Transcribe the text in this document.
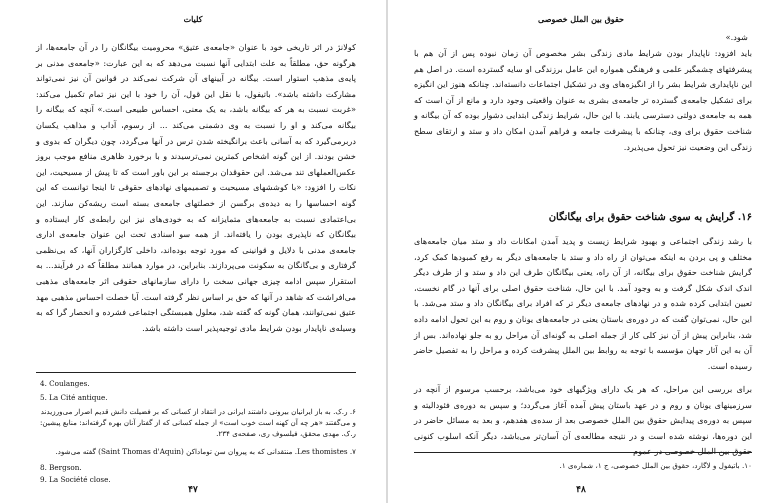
کلیات
کولانژ در اثر تاریخی خود با عنوان «جامعه‌ی عتیق» محرومیت بیگانگان را در آن جامعه‌ها، از هرگونه حق، مطلقاً به علت ابتدایی آنها نسبت می‌دهد که به این عبارت: «جامعه‌ی مدنی بر پایه‌ی مذهب استوار است. بیگانه در آیینهای آن شرکت نمی‌کند در قوانین آن نیز نمی‌تواند مشارکت داشته باشد». باتیفول، با نقل این قول، آن را خود با این نیز تمام تکمیل می‌کند: «غربت نسبت به هر که بیگانه باشد، به یک معنی، احساس طبیعی است.» آنچه که بیگانه را بیگانه می‌کند و او را نسبت به وی دشمنی می‌کند ... از رسوم، آداب و مذاهب یکسان دربرمی‌گیرد که به آسانی باعث برانگیخته شدن ترس در آنها می‌گردد، چون دیگران که بدوی و خشن بودند. از این گونه اشخاص کمترین نمی‌ترسیدند و با برخورد ظاهری منافع موجب بروز عکس‌العملهای تند می‌شد. این حقوقدان برجسته بر این باور است که تا پیش از مسیحیت، این نکات را افزود: «با کوششهای مسیحیت و تصمیمهای نهادهای حقوقی تا اینجا توانست که این گونه احساسها را به دیده‌ی برگسن از خصلتهای جامعه‌ی بسته است ریشه‌کن سازند. این بی‌اعتمادی نسبت به جامعه‌های متمایزانه که به خودی‌های نیز این رابطه‌ی کار ایستاده و بیگانگان که ناپذیری بودن را یافته‌اند. از همه سو اسنادی تحت این عنوان جامعه‌ی اداری جامعه‌ی مدنی با دلایل و قوانینی که مورد توجه بوده‌اند، داخلی کارگزاران آنها، که بی‌نظمی گرفتاری و بی‌گانگان به سکونت می‌پردازند. بنابراین، در موارد همانند مطلقاً که در فرآیند... به استقرار سپس ادامه چیزی جهانی سخت را دارای سازمانهای حقوقی اثر جامعه‌های مذهبی می‌افراشت که شاهد در آنها که حق بر اساس نظر گرفته است. آیا خصلت احساس مذهبی مهد عتیق نمی‌توانند، همان گونه که گفته شد، معلول همبستگی اجتماعی فشرده و انحصار گرا که به وسیله‌ی ناپایدار بودن شرایط مادی توجیه‌پذیر است داشته باشد.
4. Coulanges.
5. La Cité antique.
۶. ر.ک. به باز ایرانیان بیرونی داشتند ایرانی در انتقاد از کسانی که بر فضیلت دانش قدیم اصرار می‌ورزیدند و می‌گفتند «هر چه آن کهنه است خوب است» از جمله کسانی که از گفتار آنان بهره گرفته‌اند: منابع پیشین: ر.ک. مهدی محقق، فیلسوف ری، صفحه‌ی ۲۳۴.
۷. Les thomistes. منتقدانی که به پیروان سن توماداکن (Saint Thomas d'Aquin) گفته می‌شود.
8. Bergson.
9. La Société close.
۴۷
حقوق بین الملل خصوصی
شود.»
باید افزود: ناپایدار بودن شرایط مادی زندگی بشر مخصوص آن زمان نبوده پس از آن هم با پیشرفتهای چشمگیر علمی و فرهنگی همواره این عامل برزندگی او سایه گسترده است. در اصل هم این ناپایداری شرایط بشر را از انگیزه‌های وی در تشکیل اجتماعات دانسته‌اند. چنانکه هنوز این انگیزه برای تشکیل جامعه‌ی گسترده تر جامعه‌ی بشری به عنوان واقعیتی وجود دارد و مانع از آن است که همه به جامعه‌ی دولتی دسترسی یابند. با این حال، شرایط زندگی ابتدایی دشوار بوده که آن بیگانه و شناخت حقوق برای وی، چنانکه با پیشرفت جامعه و فراهم آمدن امکان داد و ستد و ارتقای سطح زندگی این وضعیت نیز تحول می‌پذیرد.
۱۶. گرایش به سوی شناخت حقوق برای بیگانگان
با رشد زندگی اجتماعی و بهبود شرایط زیست و پدید آمدن امکانات داد و ستد میان جامعه‌های مختلف و پی بردن به اینکه می‌توان از راه داد و ستد با جامعه‌های دیگر به رفع کمبودها کمک کرد، گرایش شناخت حقوق برای بیگانه، از آن راه، یعنی بیگانگان طرف این داد و ستد و از طرف دیگر اندک اندک شکل گرفت و به وجود آمد. با این حال، شناخت حقوق اصلی برای آنها در گام نخست، تعیین ابتدایی کرده شده و در نهادهای جامعه‌ی دیگر تر که افراد برای بیگانگان داد و ستد می‌شد. با این حال، نمی‌توان گفت که در دوره‌ی باستان یعنی در جامعه‌های یونان و روم به این تحول ادامه داده شد، بنابراین پیش از آن نیز کلی کار از جمله اصلی به گونه‌ای آن مراحل رو به جلو نهاده‌اند. بس از آن به این آثار جهان مؤسسه با توجه به روابط بین الملل پیشرفت کرده و مراحل را به تفصیل حاضر رسیده است.
برای بررسی این مراحل، که هر یک دارای ویژگیهای خود می‌باشد، برحسب مرسوم از آنچه در سرزمینهای یونان و روم و در عهد باستان پیش آمده آغاز می‌گردد؛ و سپس به دوره‌ی فئودالیته و سپس به دوره‌ی پیدایش حقوق بین الملل خصوصی بعد از سده‌ی هفدهم، و بعد به مسائل حاضر در این دوره‌ها، نوشته شده است و در نتیجه مطالعه‌ی آن آسان‌تر می‌باشد، دیگر آنکه اسلوب کنونی
۱۰. باتیفول و لاگارد، حقوق بین الملل خصوصی، ج ۱، شماره‌ی ۱.
۴۸
